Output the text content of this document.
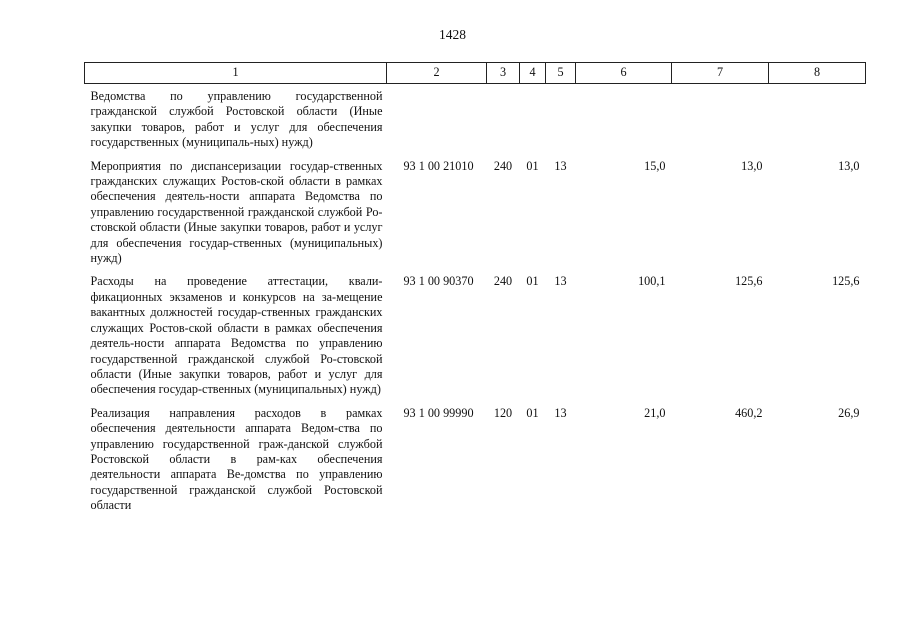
1428
1	2	3	4	5	6	7	8
Ведомства по управлению государственной гражданской службой Ростовской области (Иные закупки товаров, работ и услуг для обеспечения государственных (муниципаль-ных) нужд)							
Мероприятия по диспансеризации государ-ственных гражданских служащих Ростов-ской области в рамках обеспечения деятель-ности аппарата Ведомства по управлению государственной гражданской службой Ро-стовской области (Иные закупки товаров, работ и услуг для обеспечения государ-ственных (муниципальных) нужд)	93 1 00 21010	240	01	13	15,0	13,0	13,0
Расходы на проведение аттестации, квали-фикационных экзаменов и конкурсов на за-мещение вакантных должностей государ-ственных гражданских служащих Ростов-ской области в рамках обеспечения деятель-ности аппарата Ведомства по управлению государственной гражданской службой Ро-стовской области (Иные закупки товаров, работ и услуг для обеспечения государ-ственных (муниципальных) нужд)	93 1 00 90370	240	01	13	100,1	125,6	125,6
Реализация направления расходов в рамках обеспечения деятельности аппарата Ведом-ства по управлению государственной граж-данской службой Ростовской области в рам-ках обеспечения деятельности аппарата Ве-домства по управлению государственной гражданской службой Ростовской области	93 1 00 99990	120	01	13	21,0	460,2	26,9
